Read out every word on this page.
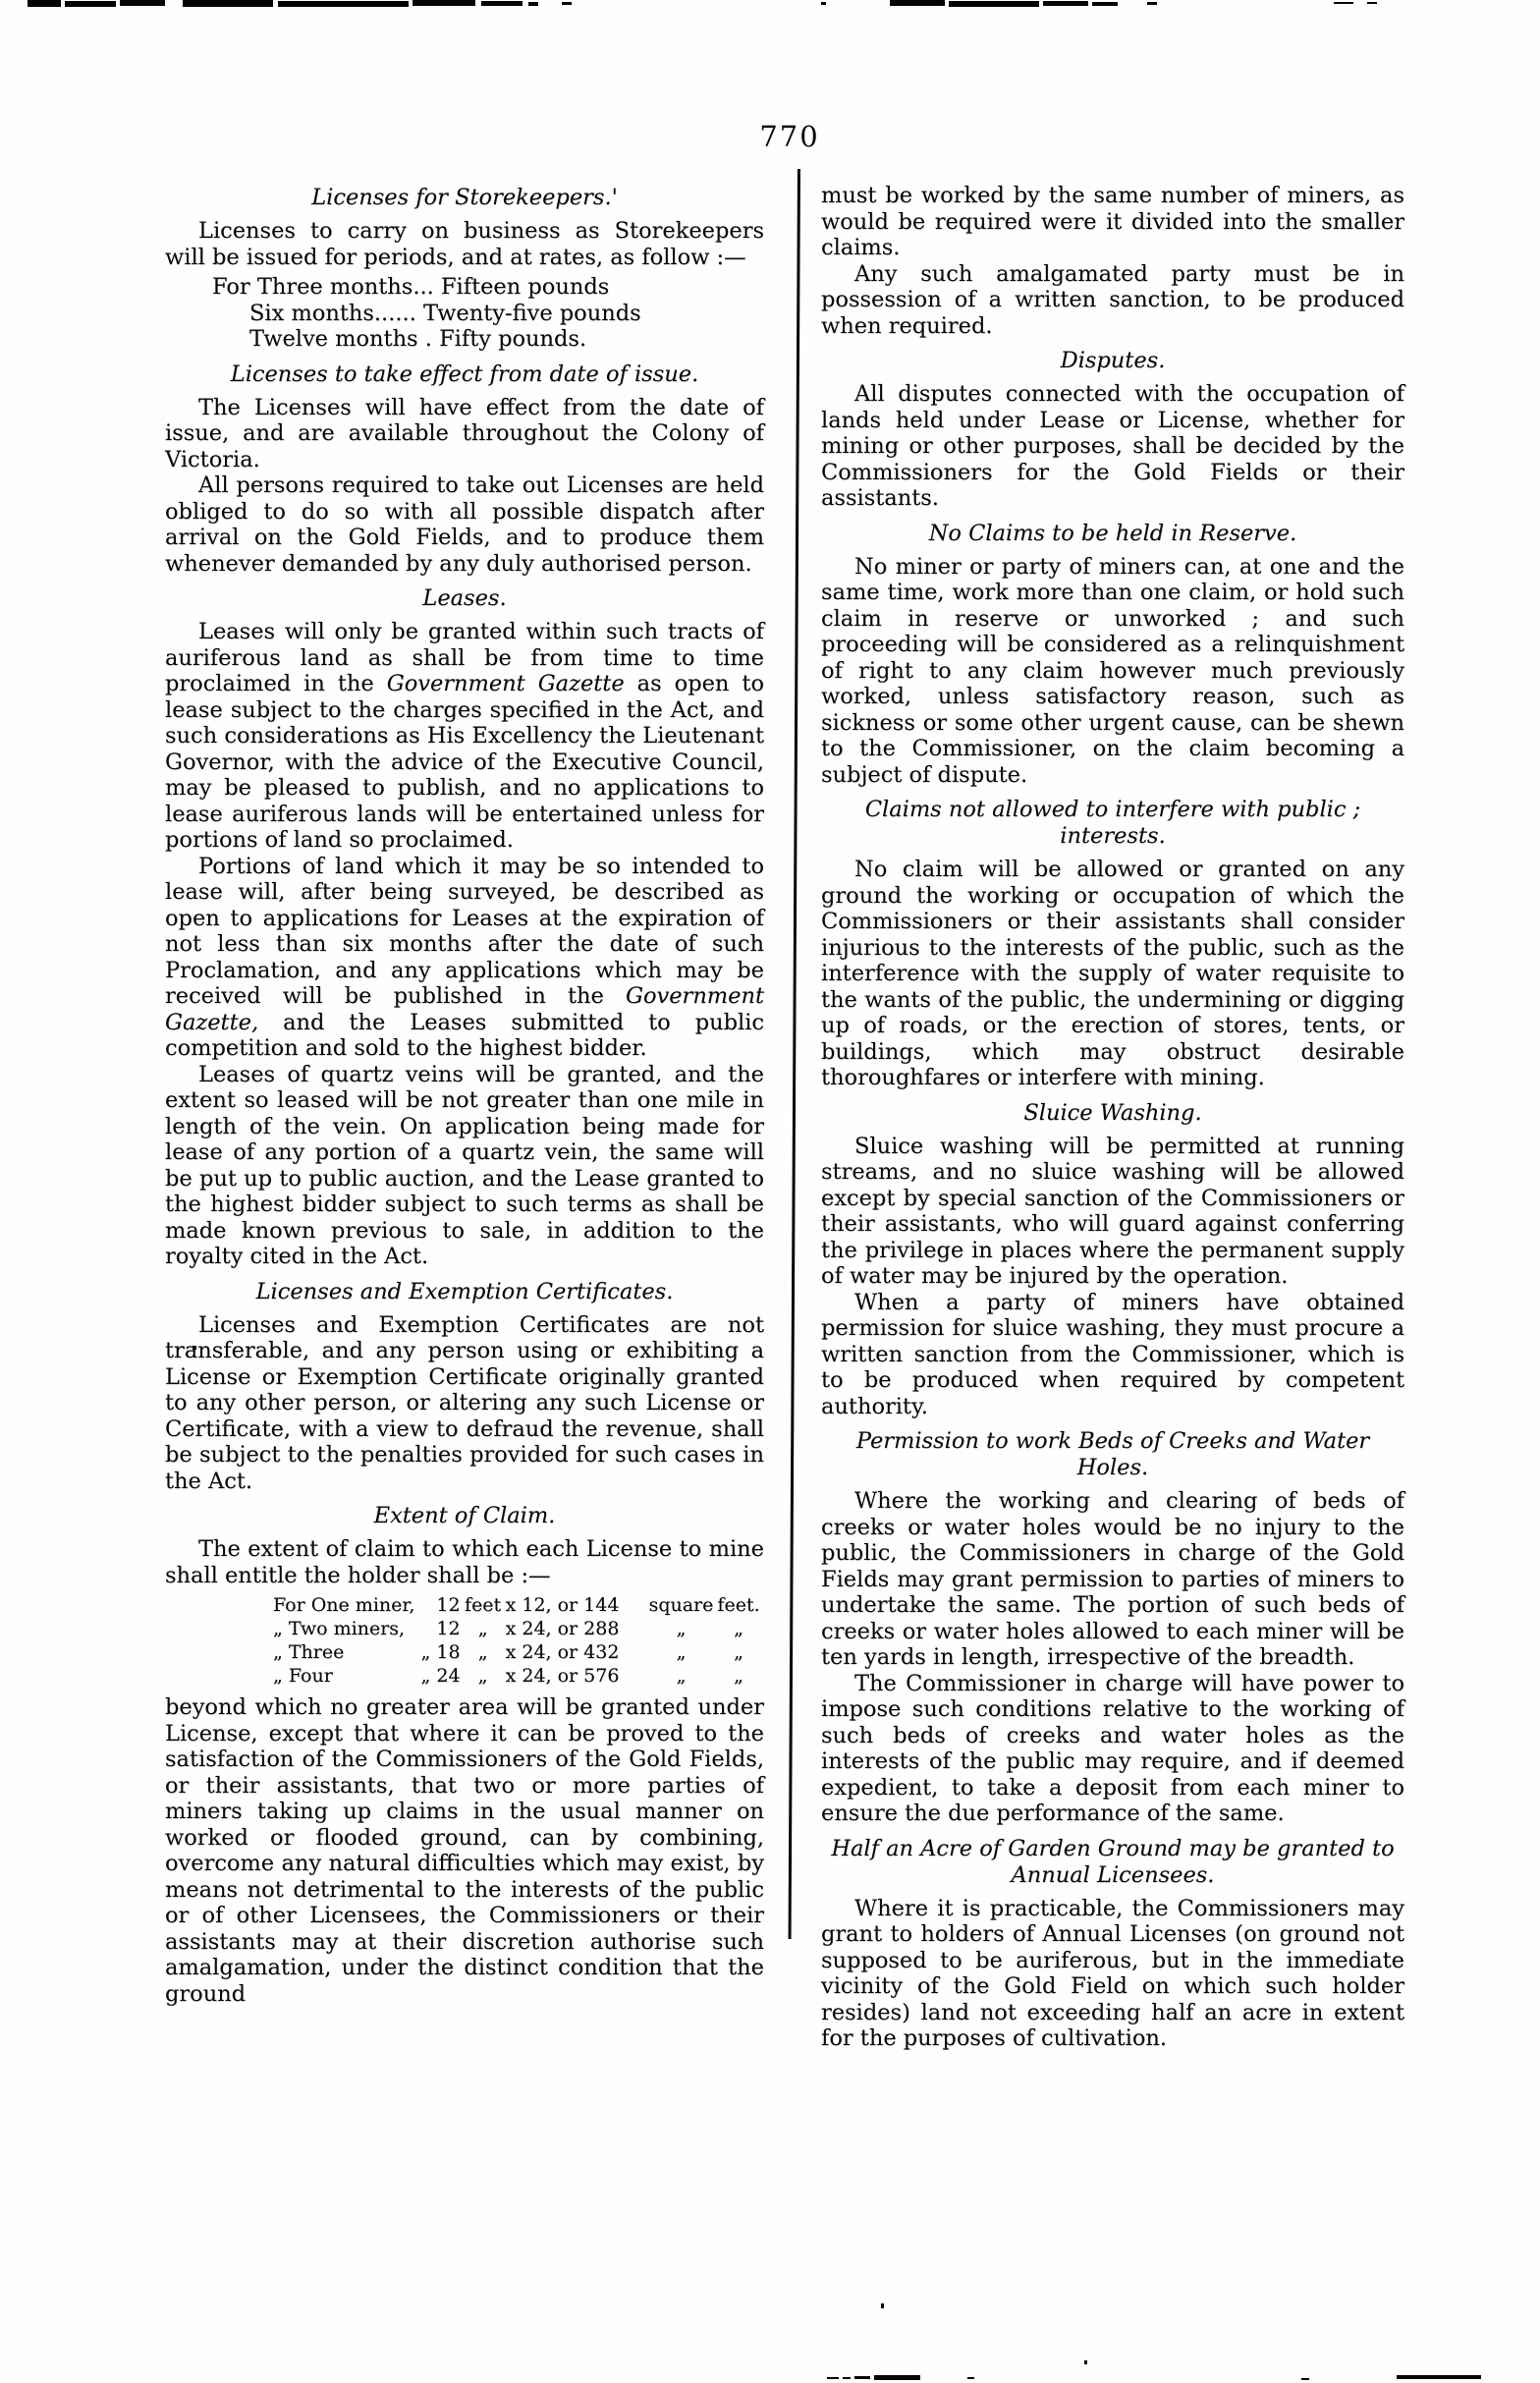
770
Licenses for Storekeepers.'

Licenses to carry on business as Storekeepers will be issued for periods, and at rates, as follow :—

For Three months... Fifteen pounds
Six months...... Twenty-five pounds
Twelve months . Fifty pounds.
Licenses to take effect from date of issue.

The Licenses will have effect from the date of issue, and are available throughout the Colony of Victoria.

All persons required to take out Licenses are held obliged to do so with all possible dispatch after arrival on the Gold Fields, and to produce them whenever demanded by any duly authorised person.

Leases.

Leases will only be granted within such tracts of auriferous land as shall be from time to time proclaimed in the Government Gazette as open to lease subject to the charges specified in the Act, and such considerations as His Excellency the Lieutenant Governor, with the advice of the Executive Council, may be pleased to publish, and no applications to lease auriferous lands will be entertained unless for portions of land so proclaimed.

Portions of land which it may be so intended to lease will, after being surveyed, be described as open to applications for Leases at the expiration of not less than six months after the date of such Proclamation, and any applications which may be received will be published in the Government Gazette, and the Leases submitted to public competition and sold to the highest bidder.

Leases of quartz veins will be granted, and the extent so leased will be not greater than one mile in length of the vein. On application being made for lease of any portion of a quartz vein, the same will be put up to public auction, and the Lease granted to the highest bidder subject to such terms as shall be made known previous to sale, in addition to the royalty cited in the Act.

Licenses and Exemption Certificates.

Licenses and Exemption Certificates are not transferable, and any person using or exhibiting a License or Exemption Certificate originally granted to any other person, or altering any such License or Certificate, with a view to defraud the revenue, shall be subject to the penalties provided for such cases in the Act.

Extent of Claim.

The extent of claim to which each License to mine shall entitle the holder shall be :—

For One miner,		12	feet	x 12, or 144	square	feet.
„ Two miners,		12	„	x 24, or 288	„	„
„ Three	„	18	„	x 24, or 432	„	„
„ Four	„	24	„	x 24, or 576	„	„

beyond which no greater area will be granted under License, except that where it can be proved to the satisfaction of the Commissioners of the Gold Fields, or their assistants, that two or more parties of miners taking up claims in the usual manner on worked or flooded ground, can by combining, overcome any natural difficulties which may exist, by means not detrimental to the interests of the public or of other Licensees, the Commissioners or their assistants may at their discretion authorise such amalgamation, under the distinct condition that the ground

must be worked by the same number of miners, as would be required were it divided into the smaller claims.

Any such amalgamated party must be in possession of a written sanction, to be produced when required.

Disputes.

All disputes connected with the occupation of lands held under Lease or License, whether for mining or other purposes, shall be decided by the Commissioners for the Gold Fields or their assistants.

No Claims to be held in Reserve.

No miner or party of miners can, at one and the same time, work more than one claim, or hold such claim in reserve or unworked ; and such proceeding will be considered as a relinquishment of right to any claim however much previously worked, unless satisfactory reason, such as sickness or some other urgent cause, can be shewn to the Commissioner, on the claim becoming a subject of dispute.

Claims not allowed to interfere with public ; interests.

No claim will be allowed or granted on any ground the working or occupation of which the Commissioners or their assistants shall consider injurious to the interests of the public, such as the interference with the supply of water requisite to the wants of the public, the undermining or digging up of roads, or the erection of stores, tents, or buildings, which may obstruct desirable thoroughfares or interfere with mining.

Sluice Washing.

Sluice washing will be permitted at running streams, and no sluice washing will be allowed except by special sanction of the Commissioners or their assistants, who will guard against conferring the privilege in places where the permanent supply of water may be injured by the operation.

When a party of miners have obtained permission for sluice washing, they must procure a written sanction from the Commissioner, which is to be produced when required by competent authority.

Permission to work Beds of Creeks and Water Holes.

Where the working and clearing of beds of creeks or water holes would be no injury to the public, the Commissioners in charge of the Gold Fields may grant permission to parties of miners to undertake the same. The portion of such beds of creeks or water holes allowed to each miner will be ten yards in length, irrespective of the breadth.

The Commissioner in charge will have power to impose such conditions relative to the working of such beds of creeks and water holes as the interests of the public may require, and if deemed expedient, to take a deposit from each miner to ensure the due performance of the same.

Half an Acre of Garden Ground may be granted to Annual Licensees.

Where it is practicable, the Commissioners may grant to holders of Annual Licenses (on ground not supposed to be auriferous, but in the immediate vicinity of the Gold Field on which such holder resides) land not exceeding half an acre in extent for the purposes of cultivation.
